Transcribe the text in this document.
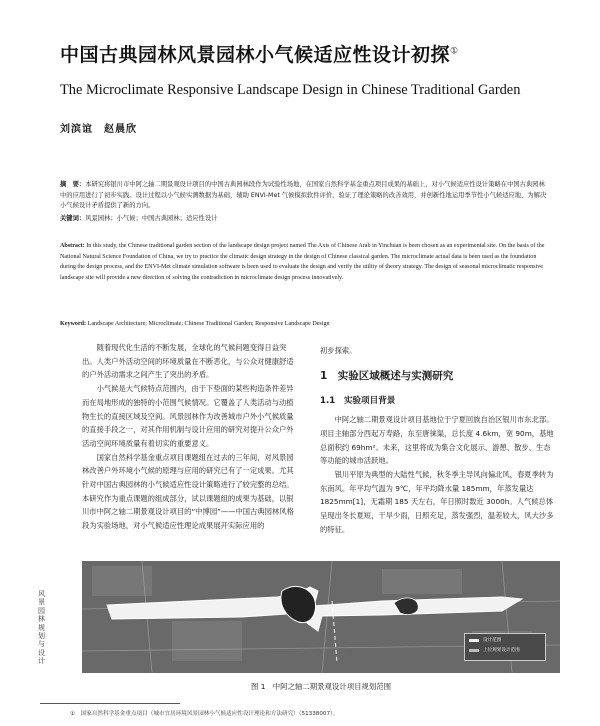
中国古典园林风景园林小气候适应性设计初探①
The Microclimate Responsive Landscape Design in Chinese Traditional Garden
刘滨谊　赵晨欣
摘　要：本研究将银川市中阿之轴二期景观设计项目的中国古典园林段作为试验性场地，在国家自然科学基金重点项目成果的基础上，对小气候适应性设计策略在中国古典园林中的应用进行了初步实践。设计过程以小气候实测数据为基础，辅助 ENVI-Met 气候模拟软件评价，验证了理论策略的改善效用，并创新性地运用季节性小气候适应地，为解决小气候设计矛盾提供了新的方向。
关键词：风景园林；小气候；中国古典园林；适应性设计
Abstract: In this study, the Chinese traditional garden section of the landscape design project named The Axis of Chinese Arab in Yinchuan is been chosen as an experimental site. On the basis of the National Natural Science Foundation of China, we try to practice the climatic design strategy in the design of Chinese classical garden. The microclimate actual data is been used as the foundation during the design process, and the ENVI-Met climate simulation software is been used to evaluate the design and verify the utility of theory strategy. The design of seasonal microclimatic responsive landscape site will provide a new direction of solving the contradiction in microclimate design process innovatively.
Keyword: Landscape Architecture; Microclimate; Chinese Traditional Garden; Responsive Landscape Design

随着现代化生活的不断发展，全球化的气候问题变得日益突出。人类户外活动空间的环境质量在不断恶化，与公众对健康舒适的户外活动需求之间产生了突出的矛盾。

小气候是大气候特点范围内，由于下垫面的某些构造条件差异而在局地形成的独特的小范围气候情况。它覆盖了人类活动与动植物生长的直接区域及空间。风景园林作为改善城市户外小气候质量的直接手段之一，对其作用机制与设计应用的研究对提升公众户外活动空间环境质量有着切实的重要意义。

国家自然科学基金重点项目课题组在过去的三年间，对风景园林改善户外环境小气候的原理与应用的研究已有了一定成果。尤其针对中国古典园林的小气候适应性设计策略进行了较完整的总结。本研究作为重点课题的组成部分，试以课题组的成果为基础，以银川市中阿之轴二期景观设计项目的“中博园”——中国古典园林风格段为实验场地，对小气候适应性理论成果展开实际应用的

初步探索。
1　实验区域概述与实测研究
1.1　实验项目背景

中阿之轴二期景观设计项目基地位于宁夏回族自治区银川市东北部。项目主轴部分西起万寿路，东至唐徕渠，总长度 4.6km，宽 90m，基地总面积约 69hm²。未来，这里将成为集合文化展示、游憩、散步、生态等功能的城市活跃地。

银川平原为典型的大陆性气候，秋冬季主导风向偏北风，春夏季转为东南风。年平均气温为 9℃，年平均降水量 185mm，年蒸发量达 1825mm[1]，无霜期 185 天左右，年日照时数近 3000h。人气候总体呈现出冬长夏短，干旱少雨，日照充足，蒸发强烈，温差较大，风大沙多的特征。

设计范围
上位规划设计范围
图 1　中阿之轴二期景观设计项目规划范围
①　国家自然科学基金重点项目（城市宜居环境风景园林小气候适应性设计理论和方法研究）（51338007）。
风景园林规划与设计
